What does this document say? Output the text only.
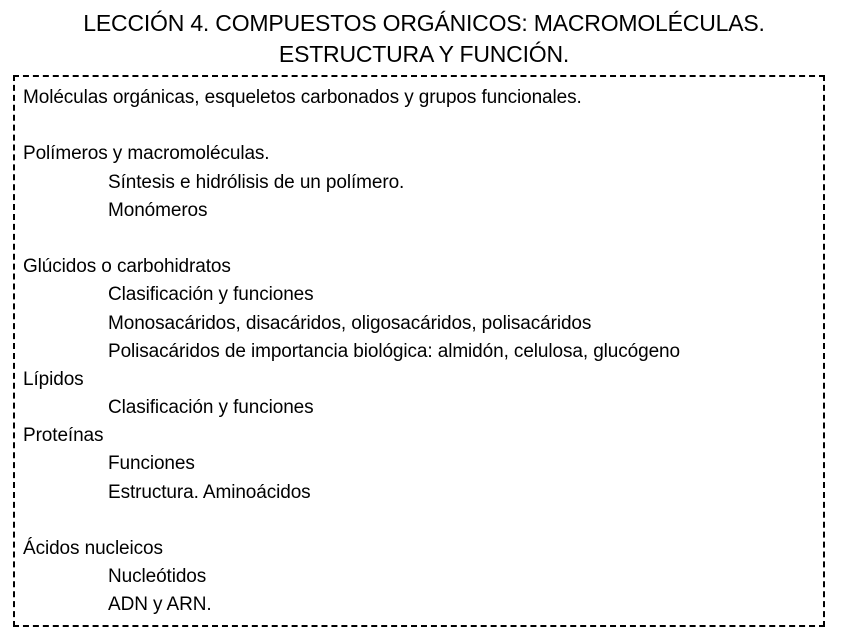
LECCIÓN 4. COMPUESTOS ORGÁNICOS: MACROMOLÉCULAS.
ESTRUCTURA Y FUNCIÓN.
Moléculas orgánicas, esqueletos carbonados y grupos funcionales.
Polímeros y macromoléculas.
Síntesis e hidrólisis de un polímero.
Monómeros
Glúcidos o carbohidratos
Clasificación y funciones
Monosacáridos, disacáridos, oligosacáridos, polisacáridos
Polisacáridos de importancia biológica: almidón, celulosa, glucógeno
Lípidos
Clasificación y funciones
Proteínas
Funciones
Estructura. Aminoácidos
Ácidos nucleicos
Nucleótidos
ADN y ARN.
